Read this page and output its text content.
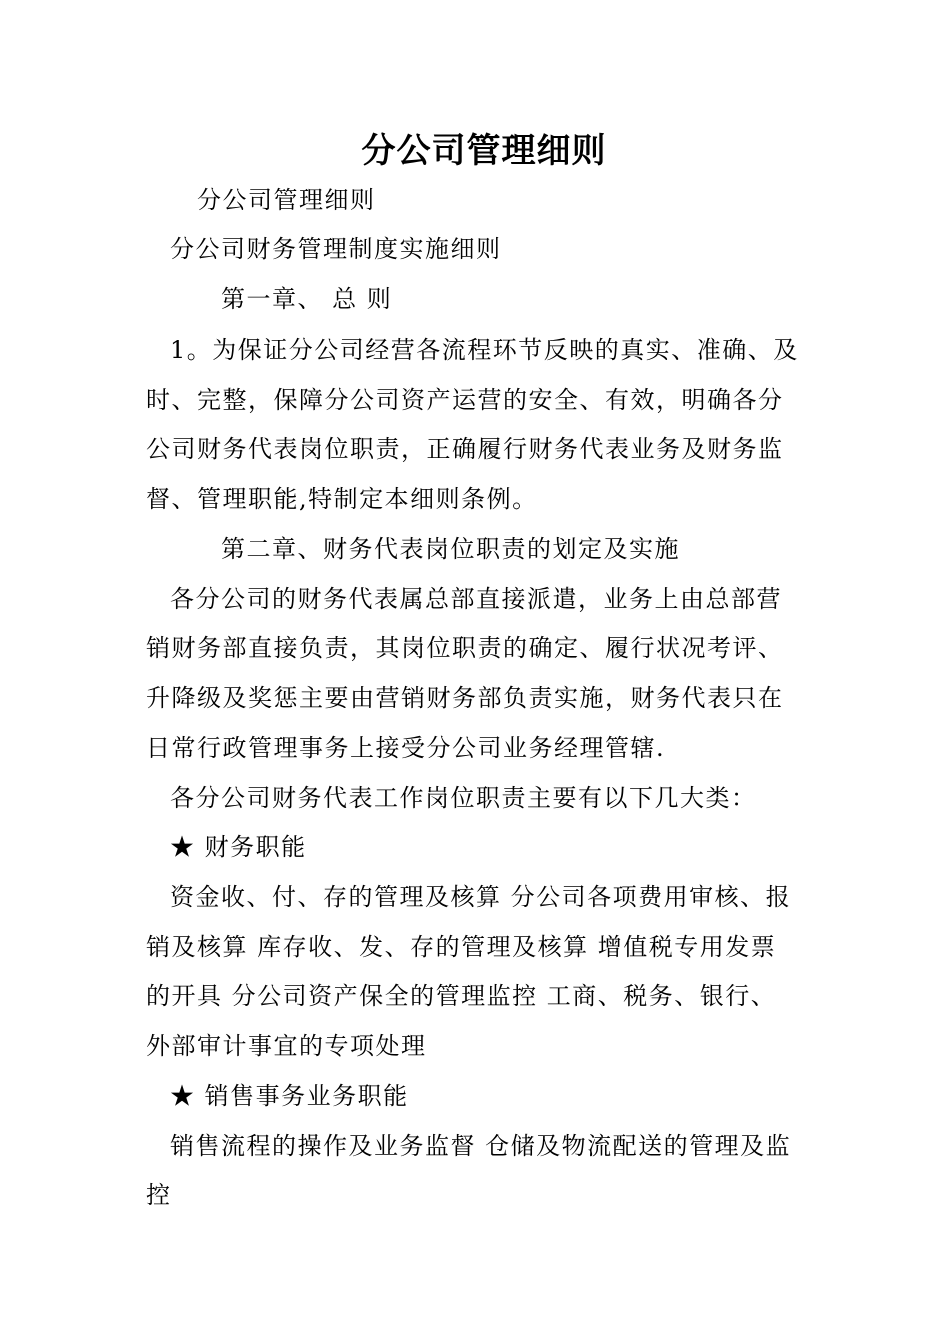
分公司管理细则
分公司管理细则
分公司财务管理制度实施细则
第一章、 总 则
1。为保证分公司经营各流程环节反映的真实、准确、及
时、完整，保障分公司资产运营的安全、有效，明确各分
公司财务代表岗位职责，正确履行财务代表业务及财务监
督、管理职能,特制定本细则条例。
第二章、财务代表岗位职责的划定及实施
各分公司的财务代表属总部直接派遣，业务上由总部营
销财务部直接负责，其岗位职责的确定、履行状况考评、
升降级及奖惩主要由营销财务部负责实施，财务代表只在
日常行政管理事务上接受分公司业务经理管辖.
各分公司财务代表工作岗位职责主要有以下几大类：
★ 财务职能
资金收、付、存的管理及核算 分公司各项费用审核、报
销及核算 库存收、发、存的管理及核算 增值税专用发票
的开具 分公司资产保全的管理监控 工商、税务、银行、
外部审计事宜的专项处理
★ 销售事务业务职能
销售流程的操作及业务监督 仓储及物流配送的管理及监
控
